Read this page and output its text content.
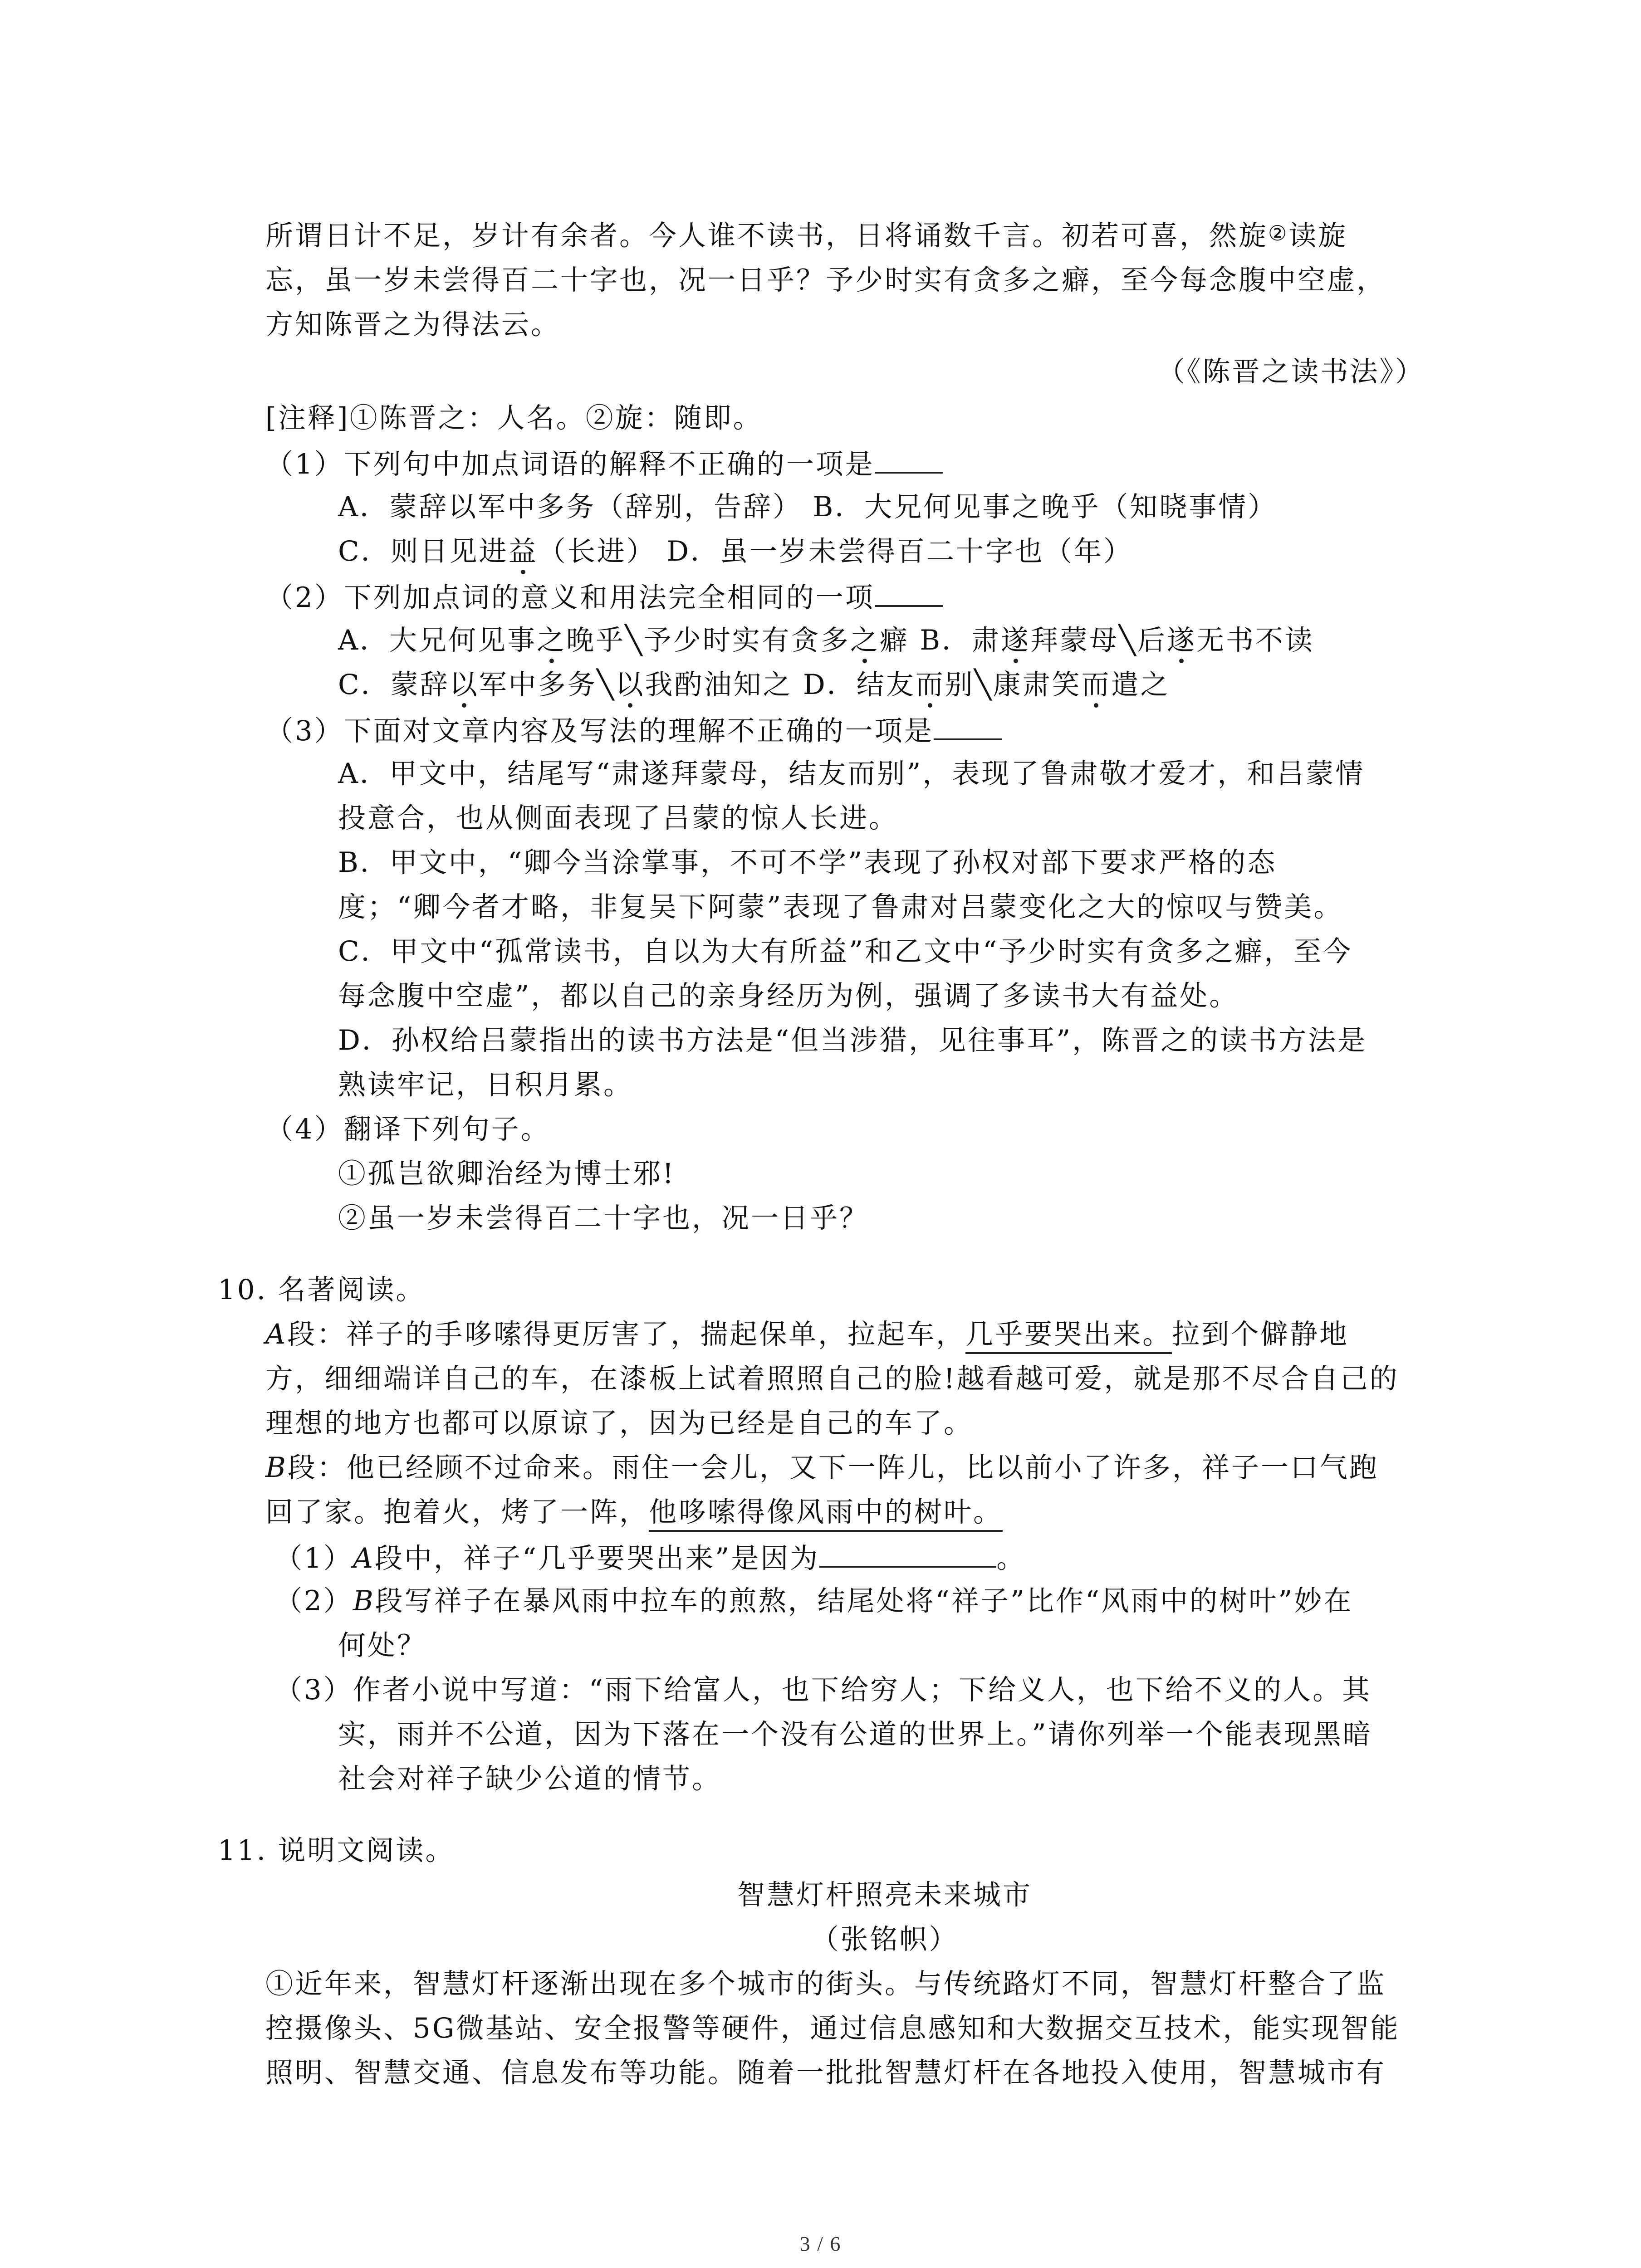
所谓日计不足，岁计有余者。今人谁不读书，日将诵数千言。初若可喜，然旋②读旋
忘，虽一岁未尝得百二十字也，况一日乎？予少时实有贪多之癖，至今每念腹中空虚，
方知陈晋之为得法云。
（《陈晋之读书法》）
[注释]①陈晋之：人名。②旋：随即。
（1）下列句中加点词语的解释不正确的一项是
A．蒙辞以军中多务（辞别，告辞） B．大兄何见事之晚乎（知晓事情）
C．则日见进益（长进） D．虽一岁未尝得百二十字也（年）
（2）下列加点词的意义和用法完全相同的一项
A．大兄何见事之晚乎╲予少时实有贪多之癖 B．肃遂拜蒙母╲后遂无书不读
C．蒙辞以军中多务╲以我酌油知之 D．结友而别╲康肃笑而遣之
（3）下面对文章内容及写法的理解不正确的一项是
A．甲文中，结尾写“肃遂拜蒙母，结友而别”，表现了鲁肃敬才爱才，和吕蒙情
投意合，也从侧面表现了吕蒙的惊人长进。
B．甲文中，“卿今当涂掌事，不可不学”表现了孙权对部下要求严格的态
度；“卿今者才略，非复吴下阿蒙”表现了鲁肃对吕蒙变化之大的惊叹与赞美。
C．甲文中“孤常读书，自以为大有所益”和乙文中“予少时实有贪多之癖，至今
每念腹中空虚”，都以自己的亲身经历为例，强调了多读书大有益处。
D．孙权给吕蒙指出的读书方法是“但当涉猎，见往事耳”，陈晋之的读书方法是
熟读牢记，日积月累。
（4）翻译下列句子。
①孤岂欲卿治经为博士邪!
②虽一岁未尝得百二十字也，况一日乎？
10. 名著阅读。
A段：祥子的手哆嗦得更厉害了，揣起保单，拉起车，几乎要哭出来。拉到个僻静地
方，细细端详自己的车，在漆板上试着照照自己的脸!越看越可爱，就是那不尽合自己的
理想的地方也都可以原谅了，因为已经是自己的车了。
B段：他已经顾不过命来。雨住一会儿，又下一阵儿，比以前小了许多，祥子一口气跑
回了家。抱着火，烤了一阵，他哆嗦得像风雨中的树叶。
（1）A段中，祥子“几乎要哭出来”是因为	。
（2）B段写祥子在暴风雨中拉车的煎熬，结尾处将“祥子”比作“风雨中的树叶”妙在
何处？
（3）作者小说中写道：“雨下给富人，也下给穷人；下给义人，也下给不义的人。其
实，雨并不公道，因为下落在一个没有公道的世界上。”请你列举一个能表现黑暗
社会对祥子缺少公道的情节。
11. 说明文阅读。
智慧灯杆照亮未来城市
（张铭帜）
①近年来，智慧灯杆逐渐出现在多个城市的街头。与传统路灯不同，智慧灯杆整合了监
控摄像头、5G微基站、安全报警等硬件，通过信息感知和大数据交互技术，能实现智能
照明、智慧交通、信息发布等功能。随着一批批智慧灯杆在各地投入使用，智慧城市有
3 / 6
